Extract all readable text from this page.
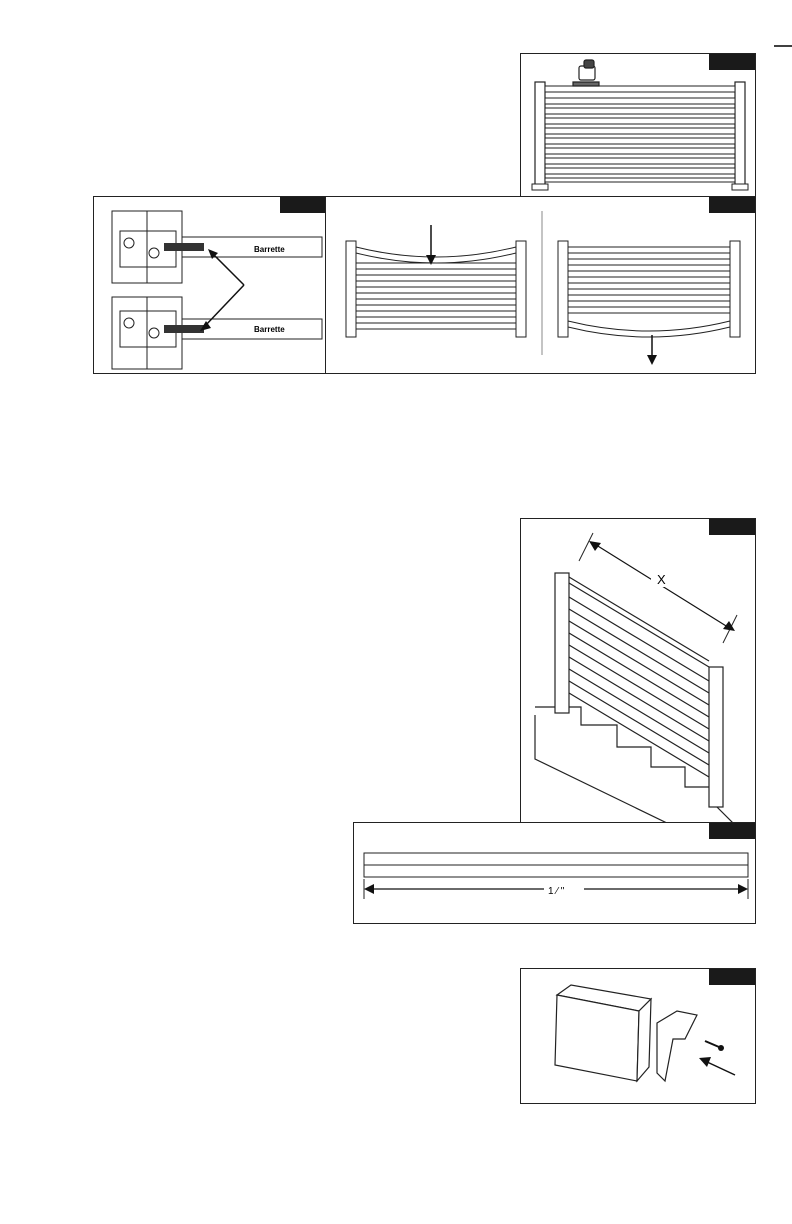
Barrette
Barrette
X
1 ⁄ "
